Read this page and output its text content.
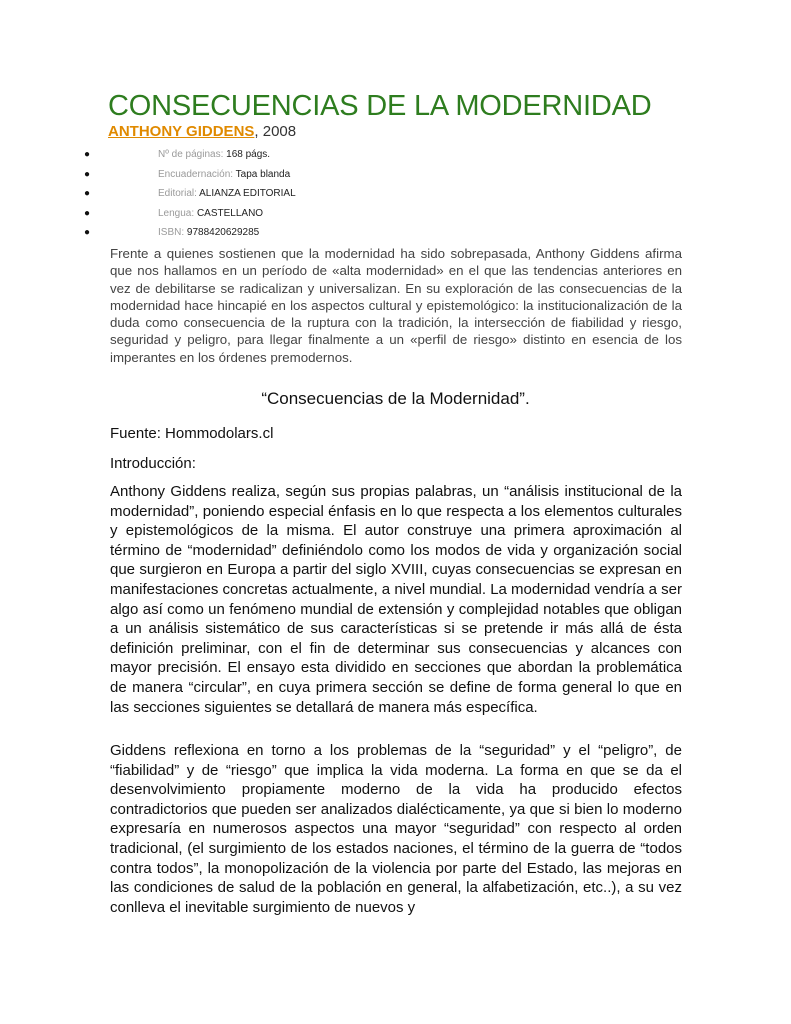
CONSECUENCIAS DE LA MODERNIDAD
ANTHONY GIDDENS, 2008
●	Nº de páginas: 168 págs.
●	Encuadernación: Tapa blanda
●	Editorial: ALIANZA EDITORIAL
●	Lengua: CASTELLANO
●	ISBN: 9788420629285

Frente a quienes sostienen que la modernidad ha sido sobrepasada, Anthony Giddens afirma que nos hallamos en un período de «alta modernidad» en el que las tendencias anteriores en vez de debilitarse se radicalizan y universalizan. En su exploración de las consecuencias de la modernidad hace hincapié en los aspectos cultural y epistemológico: la institucionalización de la duda como consecuencia de la ruptura con la tradición, la intersección de fiabilidad y riesgo, seguridad y peligro, para llegar finalmente a un «perfil de riesgo» distinto en esencia de los imperantes en los órdenes premodernos.

“Consecuencias de la Modernidad”.

Fuente: Hommodolars.cl

Introducción:

Anthony Giddens realiza, según sus propias palabras, un “análisis institucional de la modernidad”, poniendo especial énfasis en lo que respecta a los elementos culturales y epistemológicos de la misma. El autor construye una primera aproximación al término de “modernidad” definiéndolo como los modos de vida y organización social que surgieron en Europa a partir del siglo XVIII, cuyas consecuencias se expresan en manifestaciones concretas actualmente, a nivel mundial. La modernidad vendría a ser algo así como un fenómeno mundial de extensión y complejidad notables que obligan a un análisis sistemático de sus características si se pretende ir más allá de ésta definición preliminar, con el fin de determinar sus consecuencias y alcances con mayor precisión. El ensayo esta dividido en secciones que abordan la problemática de manera “circular”, en cuya primera sección se define de forma general lo que en las secciones siguientes se detallará de manera más específica.

Giddens reflexiona en torno a los problemas de la “seguridad” y el “peligro”, de “fiabilidad” y de “riesgo” que implica la vida moderna. La forma en que se da el desenvolvimiento propiamente moderno de la vida ha producido efectos contradictorios que pueden ser analizados dialécticamente, ya que si bien lo moderno expresaría en numerosos aspectos una mayor “seguridad” con respecto al orden tradicional, (el surgimiento de los estados naciones, el término de la guerra de “todos contra todos”, la monopolización de la violencia por parte del Estado, las mejoras en las condiciones de salud de la población en general, la alfabetización, etc..), a su vez conlleva el inevitable surgimiento de nuevos y
